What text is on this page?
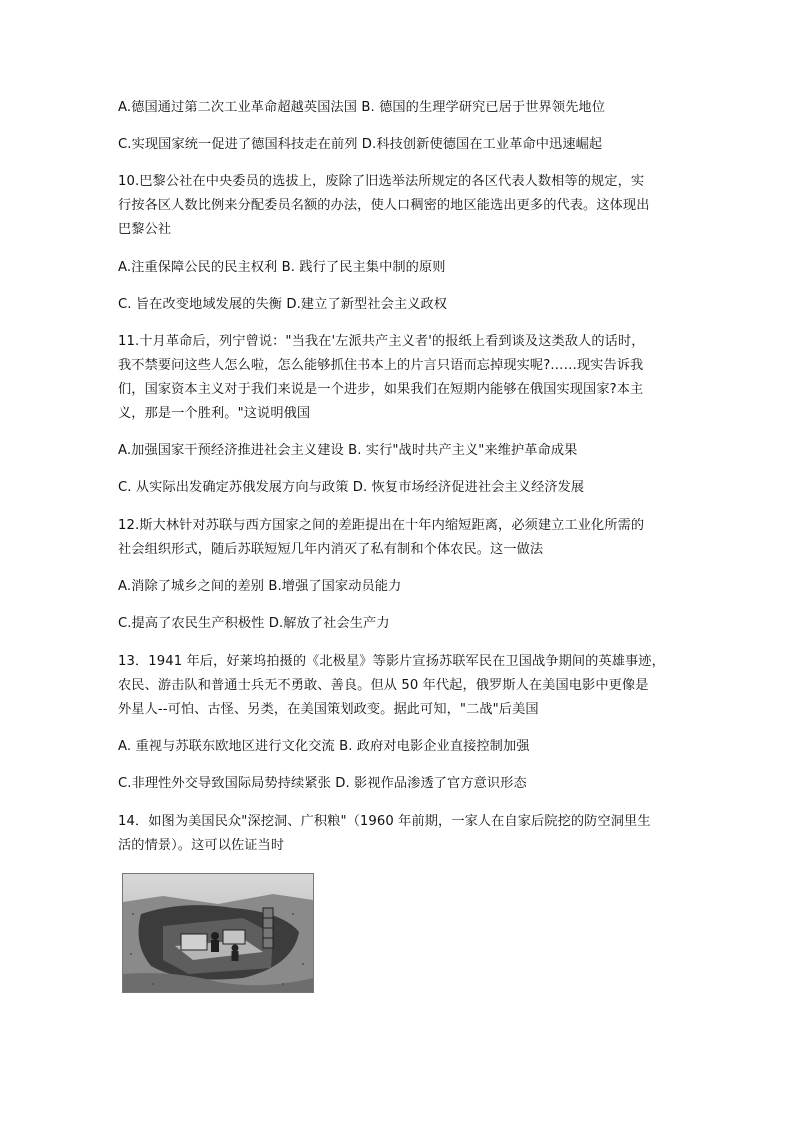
A.德国通过第二次工业革命超越英国法国 B. 德国的生理学研究已居于世界领先地位
C.实现国家统一促进了德国科技走在前列 D.科技创新使德国在工业革命中迅速崛起
10.巴黎公社在中央委员的选拔上，废除了旧选举法所规定的各区代表人数相等的规定，实
行按各区人数比例来分配委员名额的办法，使人口稠密的地区能选出更多的代表。这体现出
巴黎公社
A.注重保障公民的民主权利 B. 践行了民主集中制的原则
C. 旨在改变地域发展的失衡 D.建立了新型社会主义政权
11.十月革命后，列宁曾说："当我在'左派共产主义者'的报纸上看到谈及这类敌人的话时，
我不禁要问这些人怎么啦，怎么能够抓住书本上的片言只语而忘掉现实呢?……现实告诉我
们，国家资本主义对于我们来说是一个进步，如果我们在短期内能够在俄国实现国家?本主
义，那是一个胜利。"这说明俄国
A.加强国家干预经济推进社会主义建设 B. 实行"战时共产主义"来维护革命成果
C. 从实际出发确定苏俄发展方向与政策 D. 恢复市场经济促进社会主义经济发展
12.斯大林针对苏联与西方国家之间的差距提出在十年内缩短距离，必须建立工业化所需的
社会组织形式，随后苏联短短几年内消灭了私有制和个体农民。这一做法
A.消除了城乡之间的差别 B.增强了国家动员能力
C.提高了农民生产积极性 D.解放了社会生产力
13．1941 年后，好莱坞拍摄的《北极星》等影片宣扬苏联军民在卫国战争期间的英雄事迹，
农民、游击队和普通士兵无不勇敢、善良。但从 50 年代起，俄罗斯人在美国电影中更像是
外星人--可怕、古怪、另类，在美国策划政变。据此可知，"二战"后美国
A. 重视与苏联东欧地区进行文化交流 B. 政府对电影企业直接控制加强
C.非理性外交导致国际局势持续紧张 D. 影视作品渗透了官方意识形态
14．如图为美国民众"深挖洞、广积粮"（1960 年前期，一家人在自家后院挖的防空洞里生
活的情景）。这可以佐证当时
